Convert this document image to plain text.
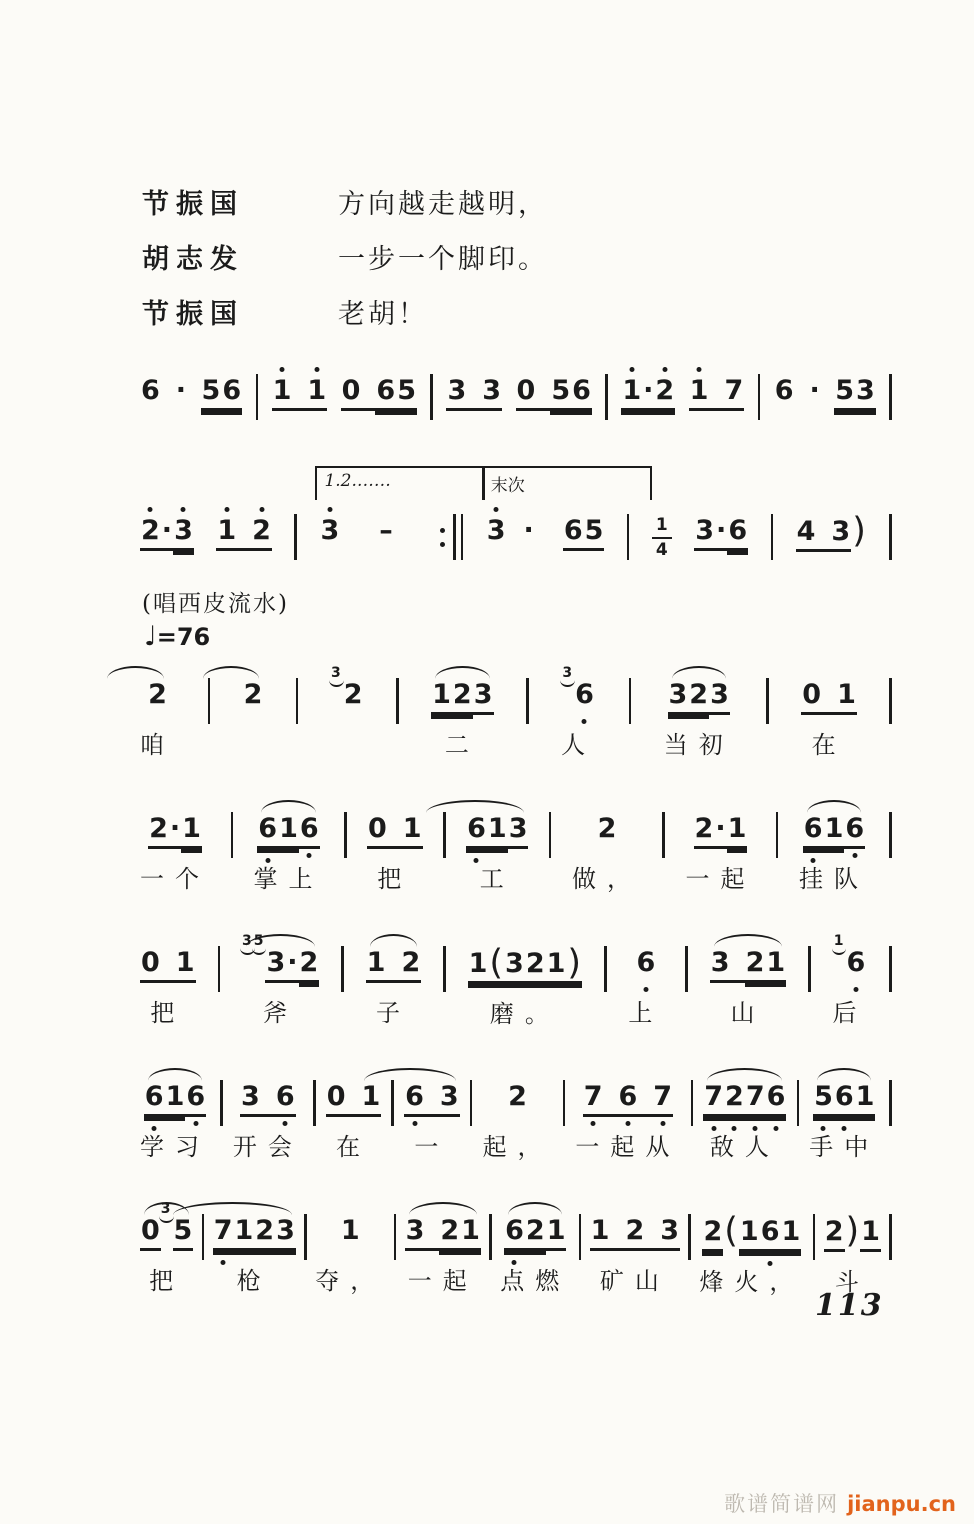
节振国	方向越走越明，
胡志发	一步一个脚印。
节振国	老胡！
(唱西皮流水)
♩=76
6 · 5 6 1 1 0 6 5 3 3 0 5 6 1 · 2 1 7 6 · 5 3
2 · 3 1 2
1.2.……
3 –
末次
3 · 6 5	$\frac{1}{4} 3 \cdot 6$ 4 3 )
2
咱
2
3
2	1 2 3
二
3
6
人
3 2 3
当初
0 1
在
2 · 1
一个
6 1 6
掌上
0 1
把
6 1 3
工
2
做，
2 · 1
一起
6 1 6
挂队
0 1
把
3 5
3 · 2
斧
1 2
子
1 ( 3 2 1 )
磨。
6
上
3 2 1
山
1
6
后
6 1 6
学习
3 6
开会
0 1
在
6 3
一
2
起，
7 6 7
一起从
7 2 7 6
敌人
5 6 1
手中
0
3
5
把
7 1 2 3
枪
1
夺，
3 2 1
一起
6 2 1
点燃
1 2 3
矿山
2 ( 1 6 1
烽火，
2 ) 1
斗
113
歌谱简谱网 jianpu.cn
